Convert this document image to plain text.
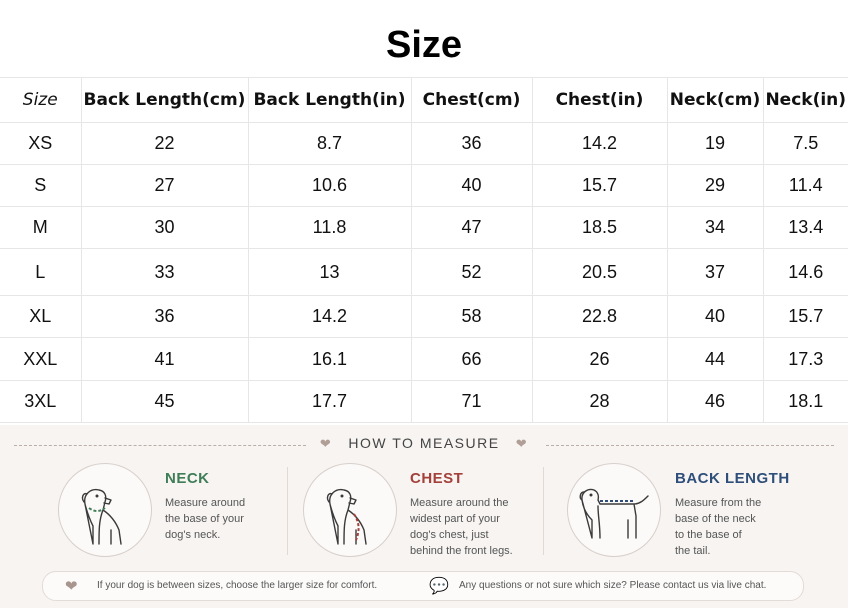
Size
Size	Back Length(cm)	Back Length(in)	Chest(cm)	Chest(in)	Neck(cm)	Neck(in)
XS	22	8.7	36	14.2	19	7.5
S	27	10.6	40	15.7	29	11.4
M	30	11.8	47	18.5	34	13.4
L	33	13	52	20.5	37	14.6
XL	36	14.2	58	22.8	40	15.7
XXL	41	16.1	66	26	44	17.3
3XL	45	17.7	71	28	46	18.1
❤ HOW TO MEASURE ❤
NECK
Measure around
the base of your
dog's neck.
CHEST
Measure around the
widest part of your
dog's chest, just
behind the front legs.
BACK LENGTH
Measure from the
base of the neck
to the base of
the tail.
❤ If your dog is between sizes, choose the larger size for comfort.	💬 Any questions or not sure which size? Please contact us via live chat.
